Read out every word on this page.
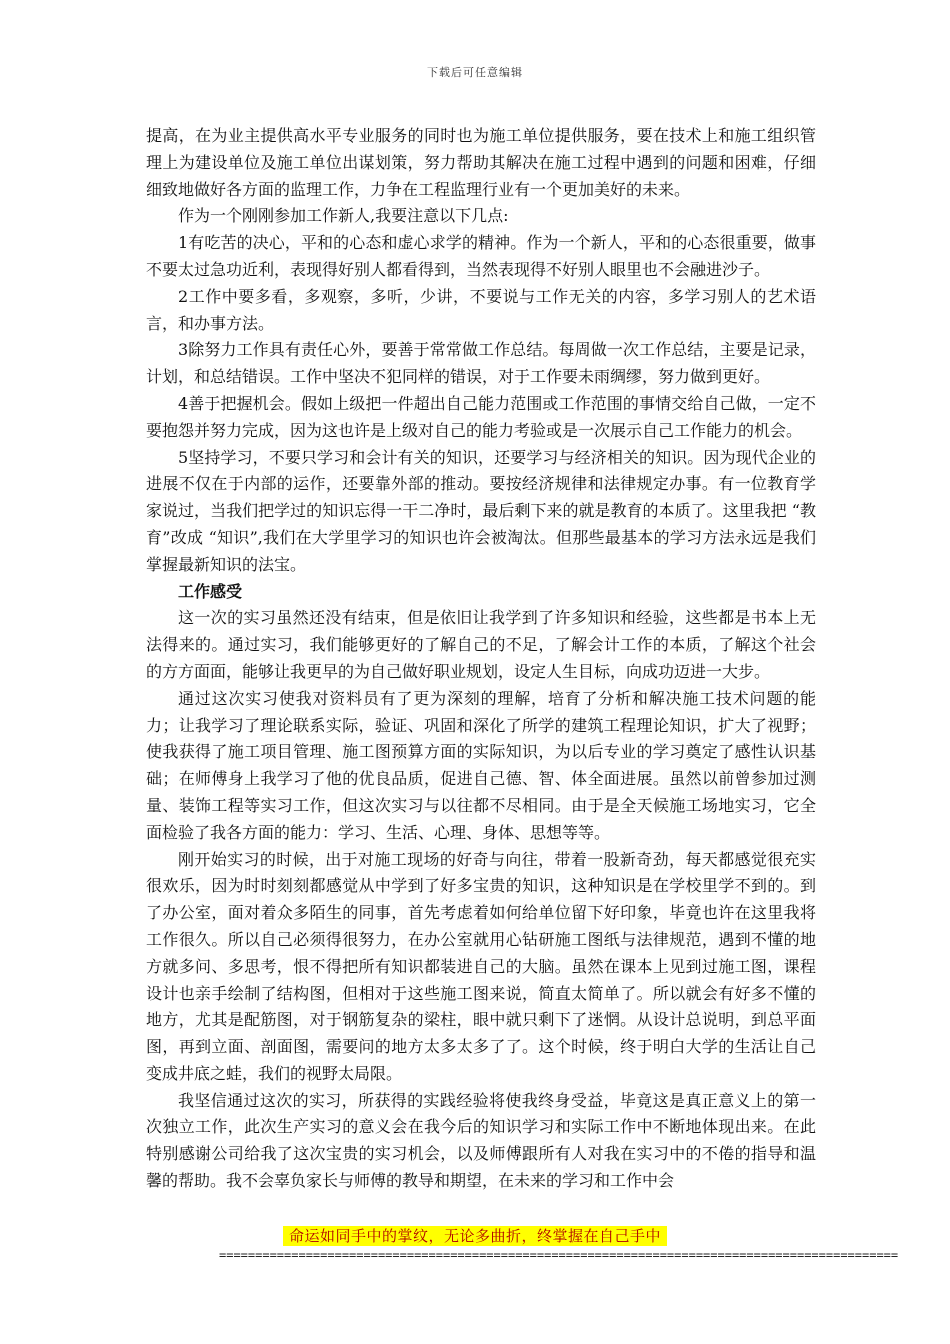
下载后可任意编辑

提高，在为业主提供高水平专业服务的同时也为施工单位提供服务，要在技术上和施工组织管理上为建设单位及施工单位出谋划策，努力帮助其解决在施工过程中遇到的问题和困难，仔细细致地做好各方面的监理工作，力争在工程监理行业有一个更加美好的未来。

作为一个刚刚参加工作新人,我要注意以下几点:

1有吃苦的决心，平和的心态和虚心求学的精神。作为一个新人，平和的心态很重要，做事不要太过急功近利，表现得好别人都看得到，当然表现得不好别人眼里也不会融进沙子。

2工作中要多看，多观察，多听，少讲，不要说与工作无关的内容，多学习别人的艺术语言，和办事方法。

3除努力工作具有责任心外，要善于常常做工作总结。每周做一次工作总结，主要是记录，计划，和总结错误。工作中坚决不犯同样的错误，对于工作要未雨绸缪，努力做到更好。

4善于把握机会。假如上级把一件超出自己能力范围或工作范围的事情交给自己做，一定不要抱怨并努力完成，因为这也许是上级对自己的能力考验或是一次展示自己工作能力的机会。

5坚持学习，不要只学习和会计有关的知识，还要学习与经济相关的知识。因为现代企业的进展不仅在于内部的运作，还要靠外部的推动。要按经济规律和法律规定办事。有一位教育学家说过，当我们把学过的知识忘得一干二净时，最后剩下来的就是教育的本质了。这里我把 “教育”改成 “知识”,我们在大学里学习的知识也许会被淘汰。但那些最基本的学习方法永远是我们掌握最新知识的法宝。

工作感受

这一次的实习虽然还没有结束，但是依旧让我学到了许多知识和经验，这些都是书本上无法得来的。通过实习，我们能够更好的了解自己的不足，了解会计工作的本质，了解这个社会的方方面面，能够让我更早的为自己做好职业规划，设定人生目标，向成功迈进一大步。

通过这次实习使我对资料员有了更为深刻的理解，培育了分析和解决施工技术问题的能力；让我学习了理论联系实际，验证、巩固和深化了所学的建筑工程理论知识，扩大了视野；使我获得了施工项目管理、施工图预算方面的实际知识，为以后专业的学习奠定了感性认识基础；在师傅身上我学习了他的优良品质，促进自己德、智、体全面进展。虽然以前曾参加过测量、装饰工程等实习工作，但这次实习与以往都不尽相同。由于是全天候施工场地实习，它全面检验了我各方面的能力：学习、生活、心理、身体、思想等等。

刚开始实习的时候，出于对施工现场的好奇与向往，带着一股新奇劲，每天都感觉很充实很欢乐，因为时时刻刻都感觉从中学到了好多宝贵的知识，这种知识是在学校里学不到的。到了办公室，面对着众多陌生的同事，首先考虑着如何给单位留下好印象，毕竟也许在这里我将工作很久。所以自己必须得很努力，在办公室就用心钻研施工图纸与法律规范，遇到不懂的地方就多问、多思考，恨不得把所有知识都装进自己的大脑。虽然在课本上见到过施工图，课程设计也亲手绘制了结构图，但相对于这些施工图来说，简直太简单了。所以就会有好多不懂的地方，尤其是配筋图，对于钢筋复杂的梁柱，眼中就只剩下了迷惘。从设计总说明，到总平面图，再到立面、剖面图，需要问的地方太多太多了了。这个时候，终于明白大学的生活让自己变成井底之蛙，我们的视野太局限。

我坚信通过这次的实习，所获得的实践经验将使我终身受益，毕竟这是真正意义上的第一次独立工作，此次生产实习的意义会在我今后的知识学习和实际工作中不断地体现出来。在此特别感谢公司给我了这次宝贵的实习机会，以及师傅跟所有人对我在实习中的不倦的指导和温馨的帮助。我不会辜负家长与师傅的教导和期望，在未来的学习和工作中会

命运如同手中的掌纹，无论多曲折，终掌握在自己手中
==============================================================================================
